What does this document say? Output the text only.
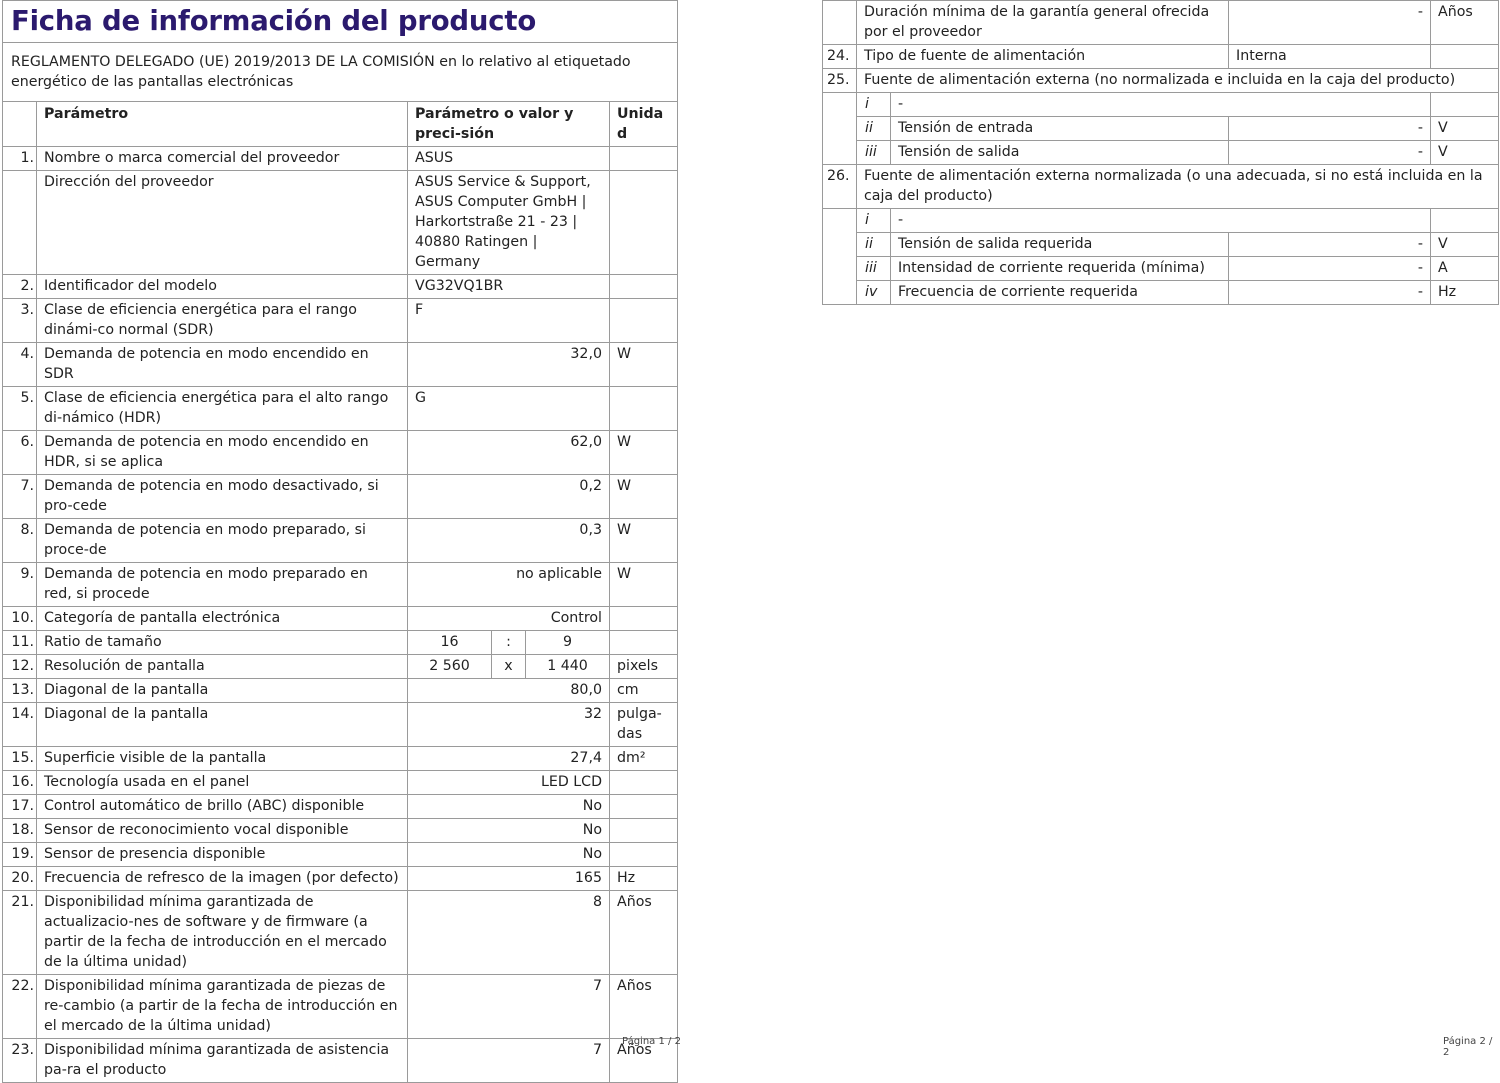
Ficha de información del producto					
REGLAMENTO DELEGADO (UE) 2019/2013 DE LA COMISIÓN en lo relativo al etiquetado energético de las pantallas electrónicas					
	Parámetro	Parámetro o valor y preci-sión			Unidad
1.	Nombre o marca comercial del proveedor	ASUS			
	Dirección del proveedor	ASUS Service & Support, ASUS Computer GmbH | Harkortstraße 21 - 23 | 40880 Ratingen | Germany			
2.	Identificador del modelo	VG32VQ1BR			
3.	Clase de eficiencia energética para el rango dinámi-co normal (SDR)	F			
4.	Demanda de potencia en modo encendido en SDR	32,0			W
5.	Clase de eficiencia energética para el alto rango di-námico (HDR)	G			
6.	Demanda de potencia en modo encendido en HDR, si se aplica	62,0			W
7.	Demanda de potencia en modo desactivado, si pro-cede	0,2			W
8.	Demanda de potencia en modo preparado, si proce-de	0,3			W
9.	Demanda de potencia en modo preparado en red, si procede	no aplicable			W
10.	Categoría de pantalla electrónica	Control			
11.	Ratio de tamaño	16	:	9	
12.	Resolución de pantalla	2 560	x	1 440	pixels
13.	Diagonal de la pantalla	80,0			cm
14.	Diagonal de la pantalla	32			pulga-das
15.	Superficie visible de la pantalla	27,4			dm²
16.	Tecnología usada en el panel	LED LCD			
17.	Control automático de brillo (ABC) disponible	No			
18.	Sensor de reconocimiento vocal disponible	No			
19.	Sensor de presencia disponible	No			
20.	Frecuencia de refresco de la imagen (por defecto)	165			Hz
21.	Disponibilidad mínima garantizada de actualizacio-nes de software y de firmware (a partir de la fecha de introducción en el mercado de la última unidad)	8			Años
22.	Disponibilidad mínima garantizada de piezas de re-cambio (a partir de la fecha de introducción en el mercado de la última unidad)	7			Años
23.	Disponibilidad mínima garantizada de asistencia pa-ra el producto	7			Años
Página 1 / 2
	Duración mínima de la garantía general ofrecida por el proveedor		-	Años
24.	Tipo de fuente de alimentación		Interna	
25.	Fuente de alimentación externa (no normalizada e incluida en la caja del producto)			
	i	-		
	ii	Tensión de entrada	-	V
	iii	Tensión de salida	-	V
26.	Fuente de alimentación externa normalizada (o una adecuada, si no está incluida en la caja del producto)			
	i	-		
	ii	Tensión de salida requerida	-	V
	iii	Intensidad de corriente requerida (mínima)	-	A
	iv	Frecuencia de corriente requerida	-	Hz
Página 2 / 2
